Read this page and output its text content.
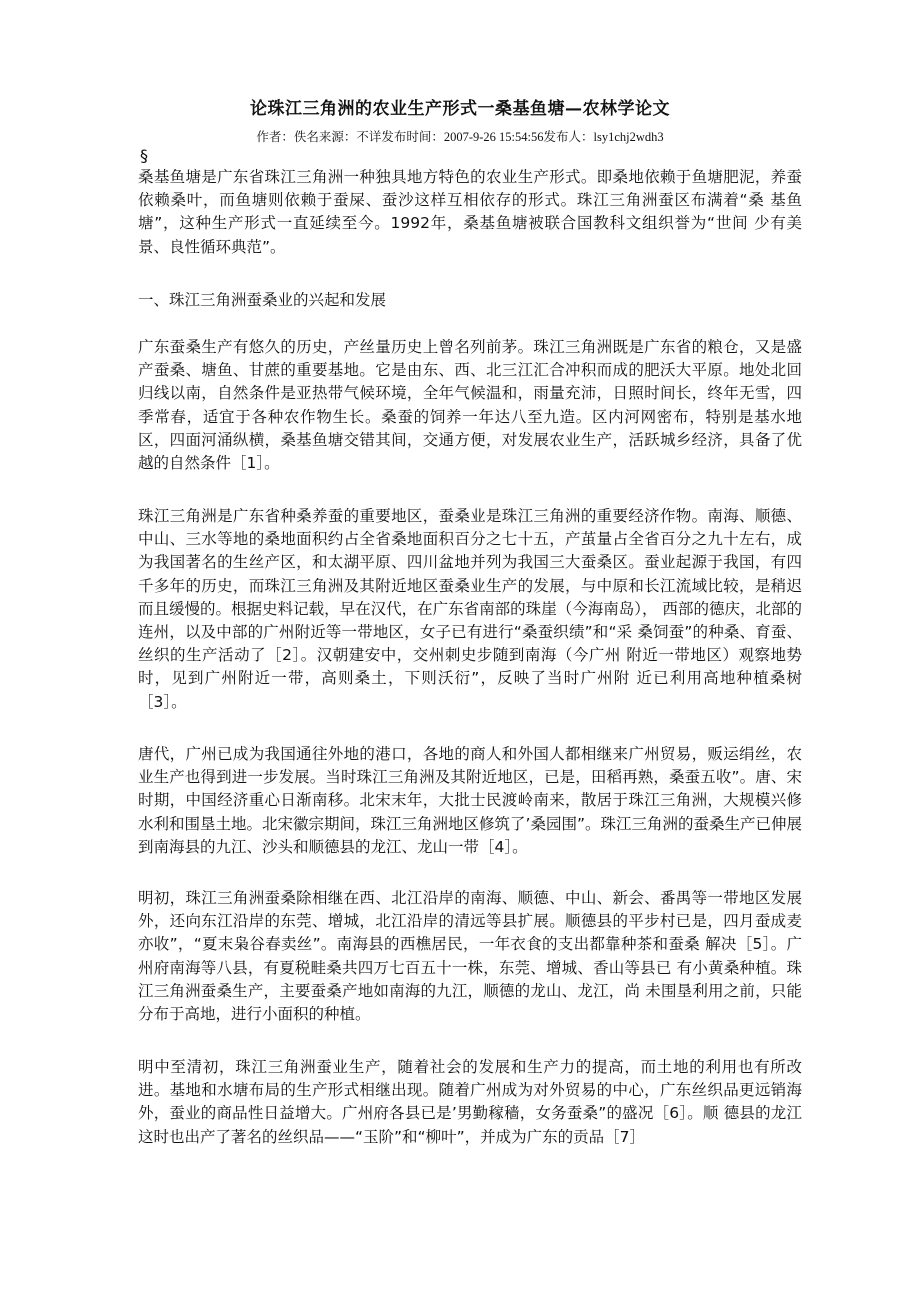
论珠江三角洲的农业生产形式一桑基鱼塘—农林学论文

作者：佚名来源：不详发布时间：2007-9-26 15:54:56发布人：lsy1chj2wdh3

§

桑基鱼塘是广东省珠江三角洲一种独具地方特色的农业生产形式。即桑地依赖于鱼塘肥泥，养蚕依赖桑叶，而鱼塘则依赖于蚕屎、蚕沙这样互相依存的形式。珠江三角洲蚕区布满着“桑 基鱼塘”，这种生产形式一直延续至今。1992年，桑基鱼塘被联合国教科文组织誉为“世间 少有美景、良性循环典范”。

一、珠江三角洲蚕桑业的兴起和发展

广东蚕桑生产有悠久的历史，产丝量历史上曾名列前茅。珠江三角洲既是广东省的粮仓，又是盛产蚕桑、塘鱼、甘蔗的重要基地。它是由东、西、北三江汇合冲积而成的肥沃大平原。地处北回归线以南，自然条件是亚热带气候环境，全年气候温和，雨量充沛，日照时间长，终年无雪，四季常春，适宜于各种农作物生长。桑蚕的饲养一年达八至九造。区内河网密布，特别是基水地区，四面河涌纵横，桑基鱼塘交错其间，交通方便，对发展农业生产，活跃城乡经济，具备了优越的自然条件［1］。

珠江三角洲是广东省种桑养蚕的重要地区，蚕桑业是珠江三角洲的重要经济作物。南海、顺德、中山、三水等地的桑地面积约占全省桑地面积百分之七十五，产茧量占全省百分之九十左右，成为我国著名的生丝产区，和太湖平原、四川盆地并列为我国三大蚕桑区。蚕业起源于我国，有四千多年的历史，而珠江三角洲及其附近地区蚕桑业生产的发展，与中原和长江流域比较，是稍迟而且缓慢的。根据史料记载，早在汉代，在广东省南部的珠崖（今海南岛）， 西部的德庆，北部的连州，以及中部的广州附近等一带地区，女子已有进行“桑蚕织绩”和“采 桑饲蚕”的种桑、育蚕、丝织的生产活动了［2］。汉朝建安中，交州刺史步随到南海（今广州 附近一带地区）观察地势时，见到广州附近一带，高则桑土，下则沃衍”，反映了当时广州附 近已利用高地种植桑树［3］。

唐代，广州已成为我国通往外地的港口，各地的商人和外国人都相继来广州贸易，贩运绢丝，农业生产也得到进一步发展。当时珠江三角洲及其附近地区，已是，田稻再熟，桑蚕五收”。唐、宋时期，中国经济重心日渐南移。北宋末年，大批士民渡岭南来，散居于珠江三角洲，大规模兴修水利和围垦土地。北宋徽宗期间，珠江三角洲地区修筑了’桑园围”。珠江三角洲的蚕桑生产已伸展到南海县的九江、沙头和顺德县的龙江、龙山一带［4］。

明初，珠江三角洲蚕桑除相继在西、北江沿岸的南海、顺德、中山、新会、番禺等一带地区发展外，还向东江沿岸的东莞、增城，北江沿岸的清远等县扩展。顺德县的平步村已是，四月蚕成麦亦收”，“夏末枭谷春卖丝”。南海县的西樵居民，一年衣食的支出都靠种茶和蚕桑 解决［5］。广州府南海等八县，有夏税畦桑共四万七百五十一株，东莞、增城、香山等县已 有小黄桑种植。珠江三角洲蚕桑生产，主要蚕桑产地如南海的九江，顺德的龙山、龙江，尚 未围垦利用之前，只能分布于高地，进行小面积的种植。

明中至清初，珠江三角洲蚕业生产，随着社会的发展和生产力的提高，而土地的利用也有所改进。基地和水塘布局的生产形式相继出现。随着广州成为对外贸易的中心，广东丝织品更远销海外，蚕业的商品性日益增大。广州府各县已是’男勤稼穑，女务蚕桑”的盛况［6］。顺 德县的龙江这时也出产了著名的丝织品——“玉阶”和“柳叶”，并成为广东的贡品［7］
